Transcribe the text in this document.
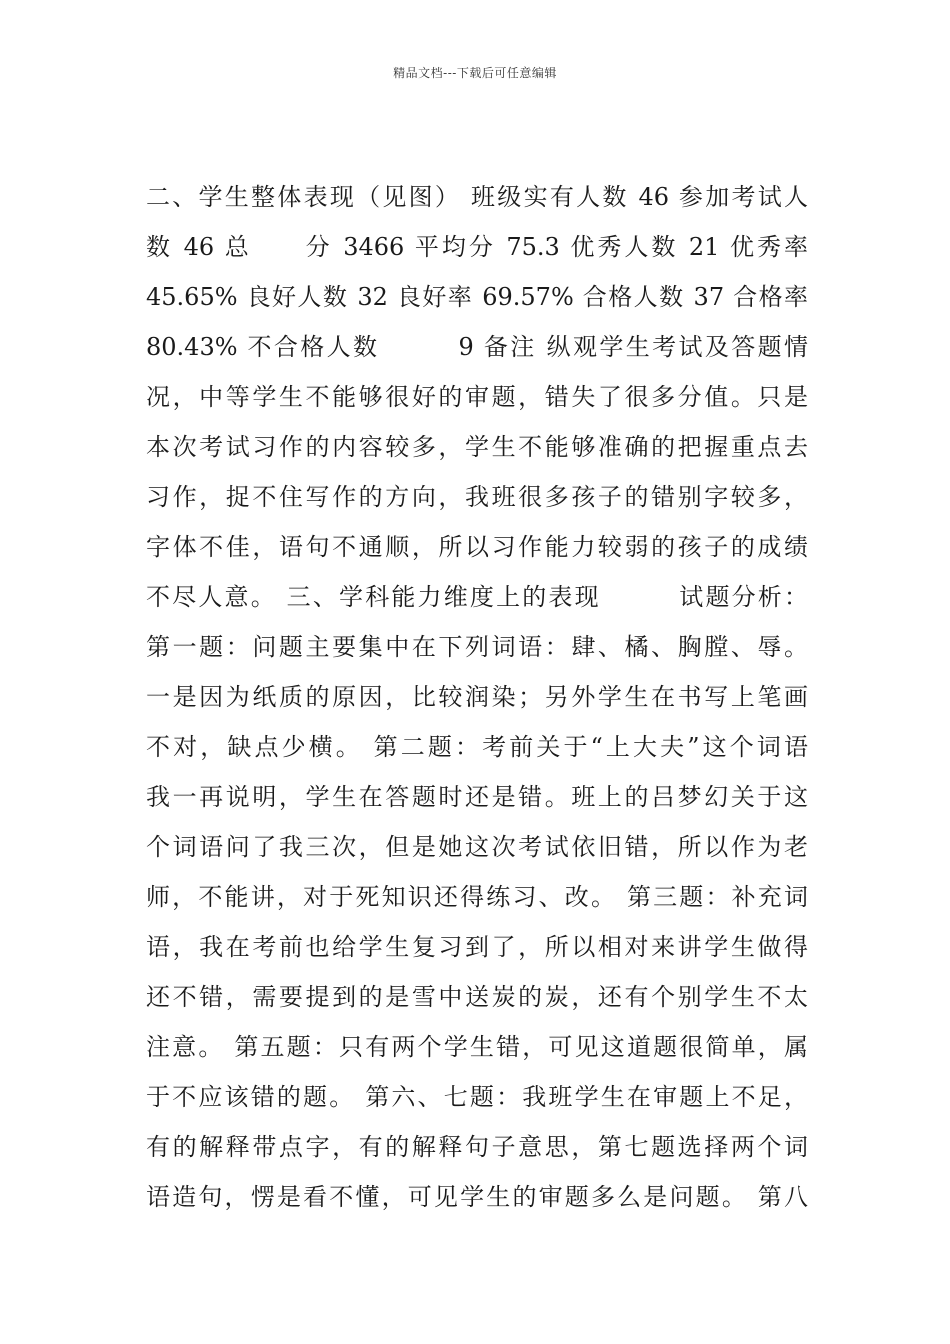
精品文档---下载后可任意编辑
二、学生整体表现（见图） 班级实有人数 46 参加考试人
数 46 总　　分 3466 平均分 75.3 优秀人数 21 优秀率
45.65% 良好人数 32 良好率 69.57% 合格人数 37 合格率
80.43% 不合格人数　　　9 备注 纵观学生考试及答题情
况，中等学生不能够很好的审题，错失了很多分值。只是
本次考试习作的内容较多，学生不能够准确的把握重点去
习作，捉不住写作的方向，我班很多孩子的错别字较多，
字体不佳，语句不通顺，所以习作能力较弱的孩子的成绩
不尽人意。 三、学科能力维度上的表现　　　试题分析：
第一题：问题主要集中在下列词语：肆、橘、胸膛、辱。
一是因为纸质的原因，比较润染；另外学生在书写上笔画
不对，缺点少横。 第二题：考前关于“上大夫”这个词语
我一再说明，学生在答题时还是错。班上的吕梦幻关于这
个词语问了我三次，但是她这次考试依旧错，所以作为老
师，不能讲，对于死知识还得练习、改。 第三题：补充词
语，我在考前也给学生复习到了，所以相对来讲学生做得
还不错，需要提到的是雪中送炭的炭，还有个别学生不太
注意。 第五题：只有两个学生错，可见这道题很简单，属
于不应该错的题。 第六、七题：我班学生在审题上不足，
有的解释带点字，有的解释句子意思，第七题选择两个词
语造句，愣是看不懂，可见学生的审题多么是问题。 第八
